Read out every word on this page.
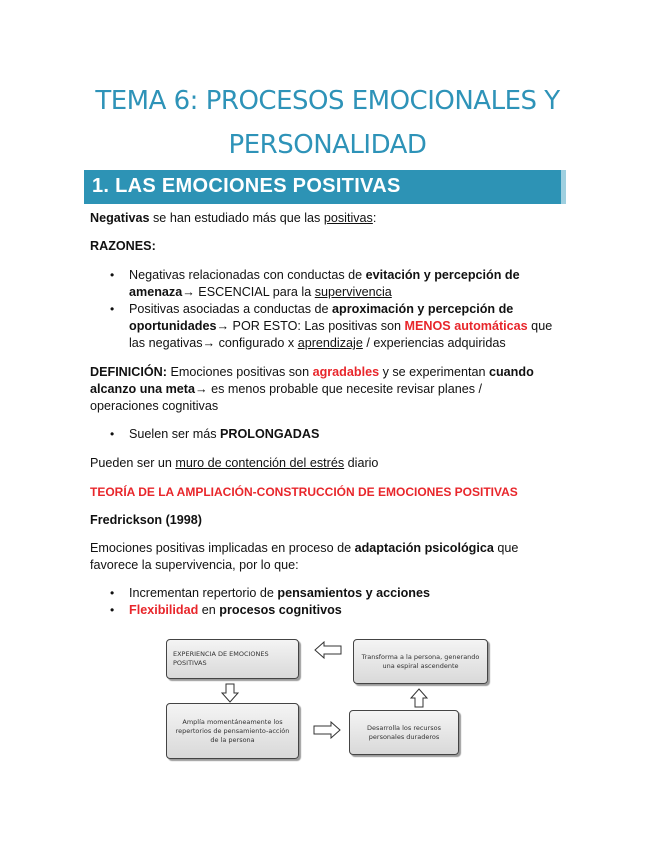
TEMA 6: PROCESOS EMOCIONALES Y
PERSONALIDAD
1. LAS EMOCIONES POSITIVAS
Negativas se han estudiado más que las positivas:
RAZONES:
• Negativas relacionadas con conductas de evitación y percepción de
amenaza→ ESCENCIAL para la supervivencia
• Positivas asociadas a conductas de aproximación y percepción de
oportunidades→ POR ESTO: Las positivas son MENOS automáticas que
las negativas→ configurado x aprendizaje / experiencias adquiridas
DEFINICIÓN: Emociones positivas son agradables y se experimentan cuando
alcanzo una meta→ es menos probable que necesite revisar planes /
operaciones cognitivas
• Suelen ser más PROLONGADAS
Pueden ser un muro de contención del estrés diario
TEORÍA DE LA AMPLIACIÓN-CONSTRUCCIÓN DE EMOCIONES POSITIVAS
Fredrickson (1998)
Emociones positivas implicadas en proceso de adaptación psicológica que
favorece la supervivencia, por lo que:
• Incrementan repertorio de pensamientos y acciones
• Flexibilidad en procesos cognitivos
EXPERIENCIA DE EMOCIONES POSITIVAS
Transforma a la persona, generando una espiral ascendente
Amplía momentáneamente los repertorios de pensamiento-acción de la persona
Desarrolla los recursos personales duraderos
